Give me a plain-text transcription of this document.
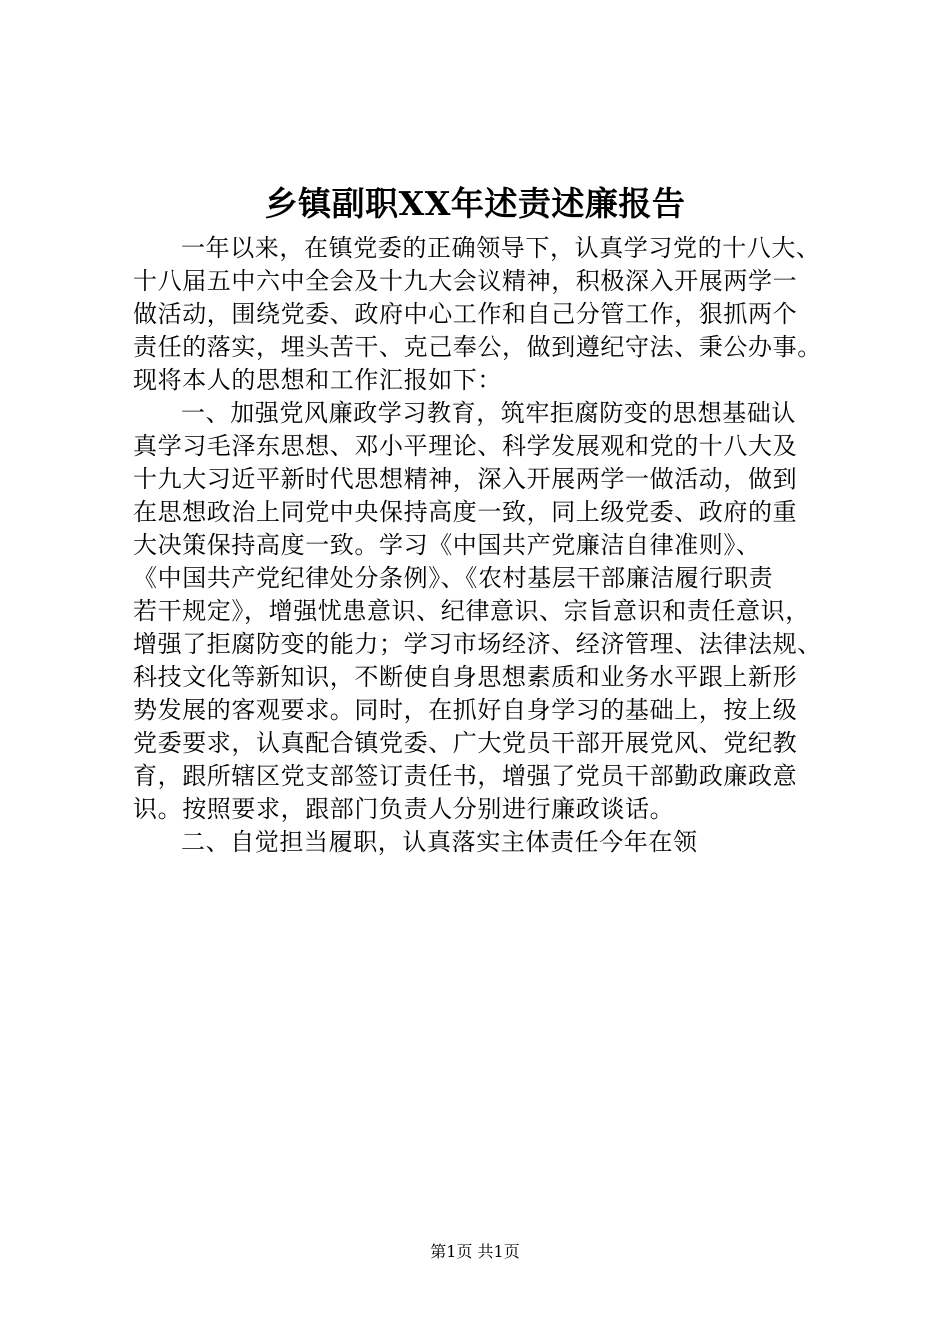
乡镇副职XX年述责述廉报告
一年以来，在镇党委的正确领导下，认真学习党的十八大、
十八届五中六中全会及十九大会议精神，积极深入开展两学一
做活动，围绕党委、政府中心工作和自己分管工作，狠抓两个
责任的落实，埋头苦干、克己奉公，做到遵纪守法、秉公办事。
现将本人的思想和工作汇报如下：
一、加强党风廉政学习教育，筑牢拒腐防变的思想基础认
真学习毛泽东思想、邓小平理论、科学发展观和党的十八大及
十九大习近平新时代思想精神，深入开展两学一做活动，做到
在思想政治上同党中央保持高度一致，同上级党委、政府的重
大决策保持高度一致。学习《中国共产党廉洁自律准则》、
《中国共产党纪律处分条例》、《农村基层干部廉洁履行职责
若干规定》，增强忧患意识、纪律意识、宗旨意识和责任意识，
增强了拒腐防变的能力；学习市场经济、经济管理、法律法规、
科技文化等新知识，不断使自身思想素质和业务水平跟上新形
势发展的客观要求。同时，在抓好自身学习的基础上，按上级
党委要求，认真配合镇党委、广大党员干部开展党风、党纪教
育，跟所辖区党支部签订责任书，增强了党员干部勤政廉政意
识。按照要求，跟部门负责人分别进行廉政谈话。
二、自觉担当履职，认真落实主体责任今年在领
第1页 共1页
